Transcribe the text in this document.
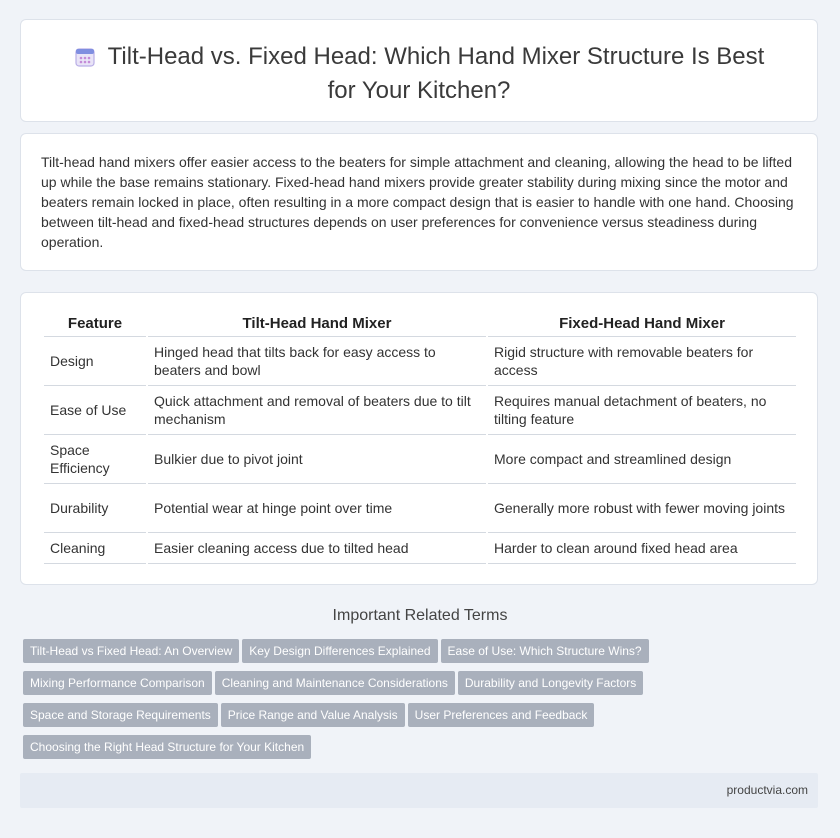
Tilt-Head vs. Fixed Head: Which Hand Mixer Structure Is Best for Your Kitchen?
Tilt-head hand mixers offer easier access to the beaters for simple attachment and cleaning, allowing the head to be lifted up while the base remains stationary. Fixed-head hand mixers provide greater stability during mixing since the motor and beaters remain locked in place, often resulting in a more compact design that is easier to handle with one hand. Choosing between tilt-head and fixed-head structures depends on user preferences for convenience versus steadiness during operation.
Feature	Tilt-Head Hand Mixer	Fixed-Head Hand Mixer
Design	Hinged head that tilts back for easy access to beaters and bowl	Rigid structure with removable beaters for access
Ease of Use	Quick attachment and removal of beaters due to tilt mechanism	Requires manual detachment of beaters, no tilting feature
Space Efficiency	Bulkier due to pivot joint	More compact and streamlined design
Durability	Potential wear at hinge point over time	Generally more robust with fewer moving joints
Cleaning	Easier cleaning access due to tilted head	Harder to clean around fixed head area
Important Related Terms
Tilt-Head vs Fixed Head: An Overview Key Design Differences Explained Ease of Use: Which Structure Wins?Mixing Performance Comparison Cleaning and Maintenance Considerations Durability and Longevity FactorsSpace and Storage Requirements Price Range and Value Analysis User Preferences and FeedbackChoosing the Right Head Structure for Your Kitchen
productvia.com
